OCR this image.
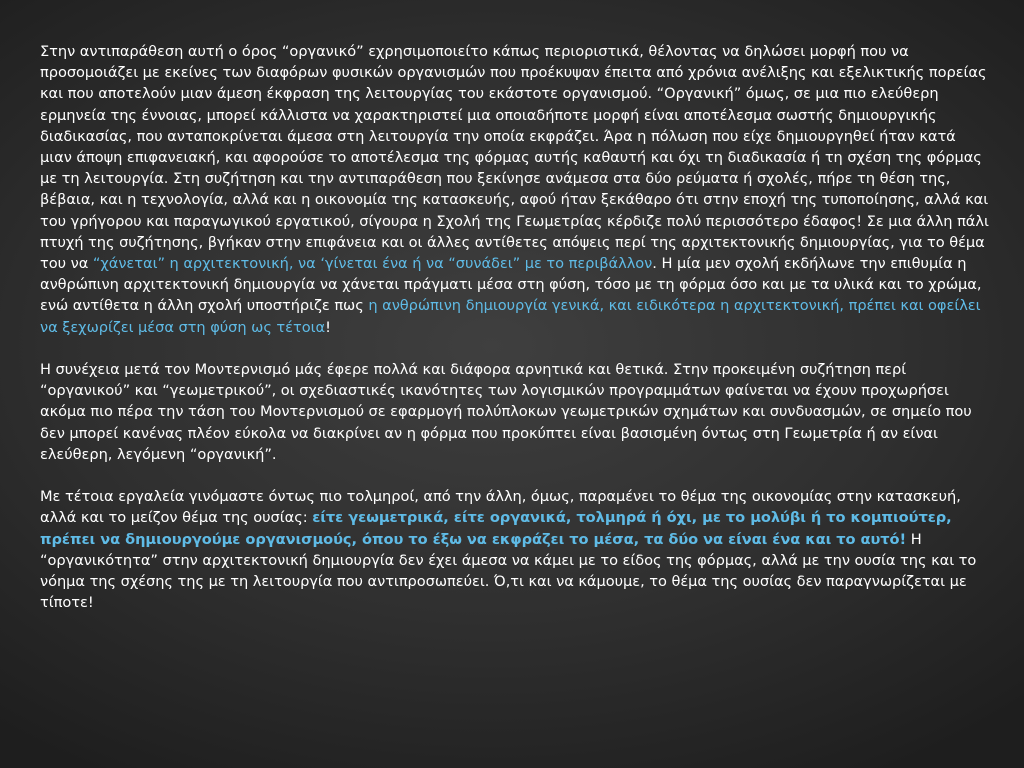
Στην αντιπαράθεση αυτή ο όρος “οργανικό” εχρησιμοποιείτο κάπως περιοριστικά, θέλοντας να δηλώσει μορφή που να προσομοιάζει με εκείνες των διαφόρων φυσικών οργανισμών που προέκυψαν έπειτα από χρόνια ανέλιξης και εξελικτικής πορείας και που αποτελούν μιαν άμεση έκφραση της λειτουργίας του εκάστοτε οργανισμού. “Οργανική” όμως, σε μια πιο ελεύθερη ερμηνεία της έννοιας, μπορεί κάλλιστα να χαρακτηριστεί μια οποιαδήποτε μορφή είναι αποτέλεσμα σωστής δημιουργικής διαδικασίας, που ανταποκρίνεται άμεσα στη λειτουργία την οποία εκφράζει. Άρα η πόλωση που είχε δημιουργηθεί ήταν κατά μιαν άποψη επιφανειακή, και αφορούσε το αποτέλεσμα της φόρμας αυτής καθαυτή και όχι τη διαδικασία ή τη σχέση της φόρμας με τη λειτουργία. Στη συζήτηση και την αντιπαράθεση που ξεκίνησε ανάμεσα στα δύο ρεύματα ή σχολές, πήρε τη θέση της, βέβαια, και η τεχνολογία, αλλά και η οικονομία της κατασκευής, αφού ήταν ξεκάθαρο ότι στην εποχή της τυποποίησης, αλλά και του γρήγορου και παραγωγικού εργατικού, σίγουρα η Σχολή της Γεωμετρίας κέρδιζε πολύ περισσότερο έδαφος! Σε μια άλλη πάλι πτυχή της συζήτησης, βγήκαν στην επιφάνεια και οι άλλες αντίθετες απόψεις περί της αρχιτεκτονικής δημιουργίας, για το θέμα του να “χάνεται” η αρχιτεκτονική, να ‘γίνεται ένα ή να “συνάδει” με το περιβάλλον. Η μία μεν σχολή εκδήλωνε την επιθυμία η ανθρώπινη αρχιτεκτονική δημιουργία να χάνεται πράγματι μέσα στη φύση, τόσο με τη φόρμα όσο και με τα υλικά και το χρώμα, ενώ αντίθετα η άλλη σχολή υποστήριζε πως η ανθρώπινη δημιουργία γενικά, και ειδικότερα η αρχιτεκτονική, πρέπει και οφείλει να ξεχωρίζει μέσα στη φύση ως τέτοια!

Η συνέχεια μετά τον Μοντερνισμό μάς έφερε πολλά και διάφορα αρνητικά και θετικά. Στην προκειμένη συζήτηση περί “οργανικού” και “γεωμετρικού”, οι σχεδιαστικές ικανότητες των λογισμικών προγραμμάτων φαίνεται να έχουν προχωρήσει ακόμα πιο πέρα την τάση του Μοντερνισμού σε εφαρμογή πολύπλοκων γεωμετρικών σχημάτων και συνδυασμών, σε σημείο που δεν μπορεί κανένας πλέον εύκολα να διακρίνει αν η φόρμα που προκύπτει είναι βασισμένη όντως στη Γεωμετρία ή αν είναι ελεύθερη, λεγόμενη “οργανική”.

Με τέτοια εργαλεία γινόμαστε όντως πιο τολμηροί, από την άλλη, όμως, παραμένει το θέμα της οικονομίας στην κατασκευή, αλλά και το μείζον θέμα της ουσίας: είτε γεωμετρικά, είτε οργανικά, τολμηρά ή όχι, με το μολύβι ή το κομπιούτερ, πρέπει να δημιουργούμε οργανισμούς, όπου το έξω να εκφράζει το μέσα, τα δύο να είναι ένα και το αυτό! Η “οργανικότητα” στην αρχιτεκτονική δημιουργία δεν έχει άμεσα να κάμει με το είδος της φόρμας, αλλά με την ουσία της και το νόημα της σχέσης της με τη λειτουργία που αντιπροσωπεύει. Ό,τι και να κάμουμε, το θέμα της ουσίας δεν παραγνωρίζεται με τίποτε!
